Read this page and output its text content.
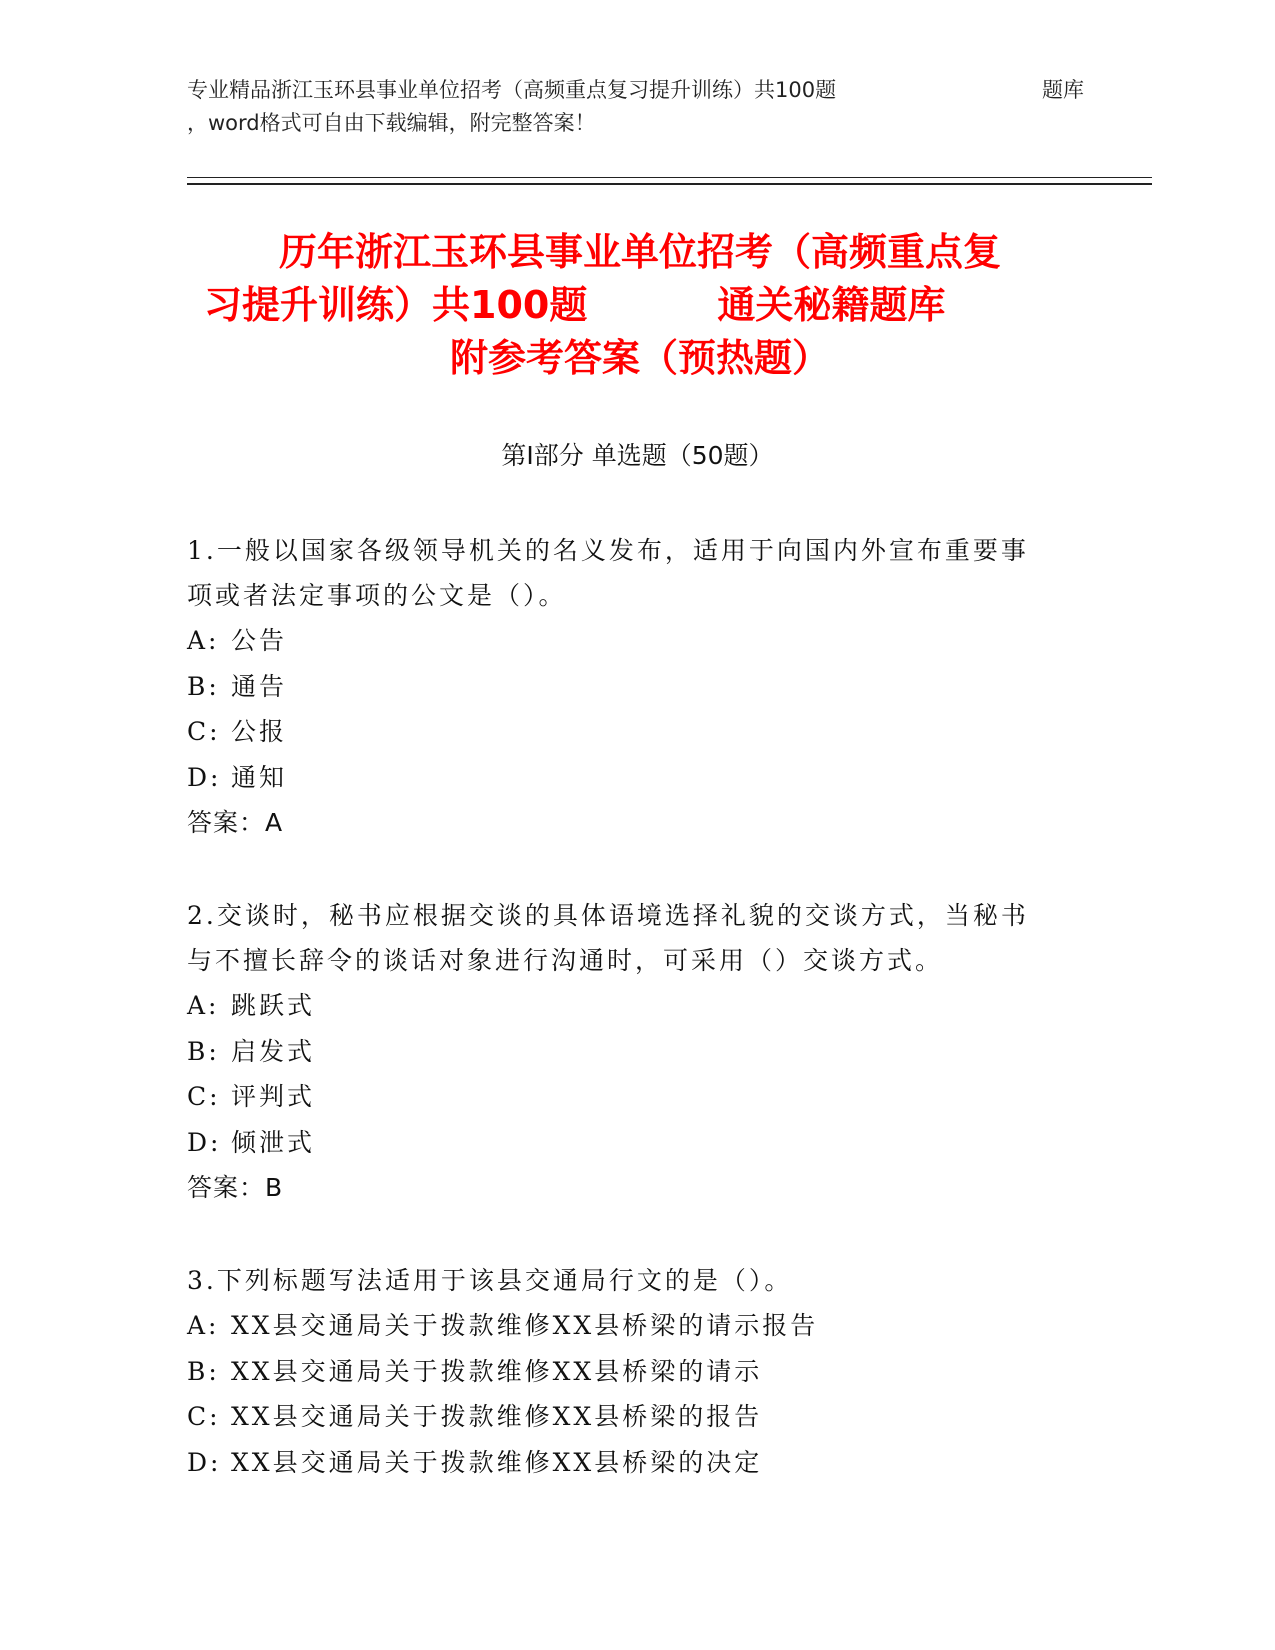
专业精品浙江玉环县事业单位招考（高频重点复习提升训练）共100题	题库
，word格式可自由下载编辑，附完整答案！
历年浙江玉环县事业单位招考（高频重点复
习提升训练）共100题	通关秘籍题库
附参考答案（预热题）
第Ⅰ部分 单选题（50题）
1.一般以国家各级领导机关的名义发布，适用于向国内外宣布重要事
项或者法定事项的公文是（）。
A: 公告
B: 通告
C: 公报
D: 通知
答案：A
2.交谈时，秘书应根据交谈的具体语境选择礼貌的交谈方式，当秘书
与不擅长辞令的谈话对象进行沟通时，可采用（）交谈方式。
A: 跳跃式
B: 启发式
C: 评判式
D: 倾泄式
答案：B
3.下列标题写法适用于该县交通局行文的是（）。
A: XX县交通局关于拨款维修XX县桥梁的请示报告
B: XX县交通局关于拨款维修XX县桥梁的请示
C: XX县交通局关于拨款维修XX县桥梁的报告
D: XX县交通局关于拨款维修XX县桥梁的决定
